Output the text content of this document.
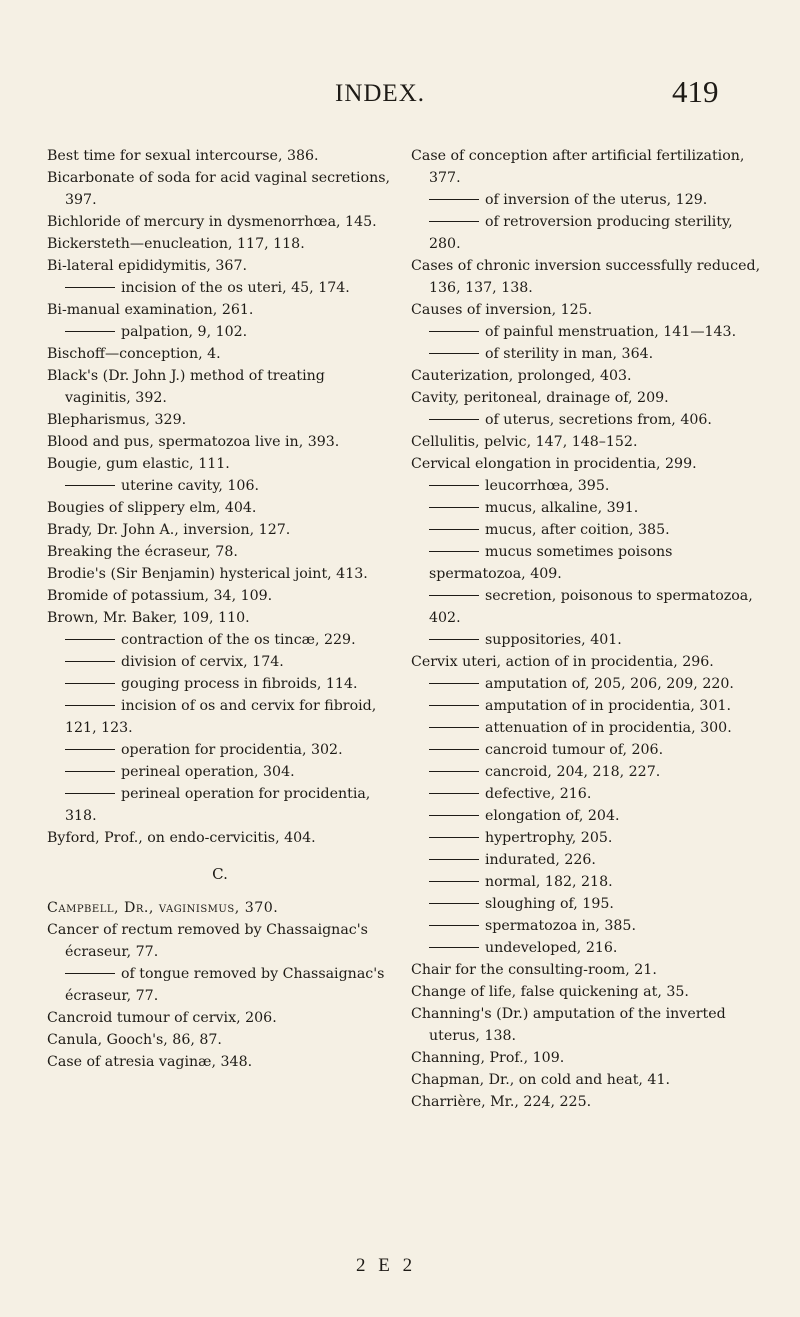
INDEX.	419

Best time for sexual intercourse, 386.

Bicarbonate of soda for acid vaginal secretions, 397.

Bichloride of mercury in dysmenorrhœa, 145.

Bickersteth—enucleation, 117, 118.

Bi-lateral epididymitis, 367.

incision of the os uteri, 45, 174.

Bi-manual examination, 261.

palpation, 9, 102.

Bischoff—conception, 4.

Black's (Dr. John J.) method of treating vaginitis, 392.

Blepharismus, 329.

Blood and pus, spermatozoa live in, 393.

Bougie, gum elastic, 111.

uterine cavity, 106.

Bougies of slippery elm, 404.

Brady, Dr. John A., inversion, 127.

Breaking the écraseur, 78.

Brodie's (Sir Benjamin) hysterical joint, 413.

Bromide of potassium, 34, 109.

Brown, Mr. Baker, 109, 110.

contraction of the os tincæ, 229.

division of cervix, 174.

gouging process in fibroids, 114.

incision of os and cervix for fibroid, 121, 123.

operation for procidentia, 302.

perineal operation, 304.

perineal operation for procidentia, 318.

Byford, Prof., on endo-cervicitis, 404.

C.

Campbell, Dr., vaginismus, 370.

Cancer of rectum removed by Chassaignac's écraseur, 77.

of tongue removed by Chassaignac's écraseur, 77.

Cancroid tumour of cervix, 206.

Canula, Gooch's, 86, 87.

Case of atresia vaginæ, 348.

Case of conception after artificial fertilization, 377.

of inversion of the uterus, 129.

of retroversion producing sterility, 280.

Cases of chronic inversion successfully reduced, 136, 137, 138.

Causes of inversion, 125.

of painful menstruation, 141—143.

of sterility in man, 364.

Cauterization, prolonged, 403.

Cavity, peritoneal, drainage of, 209.

of uterus, secretions from, 406.

Cellulitis, pelvic, 147, 148–152.

Cervical elongation in procidentia, 299.

leucorrhœa, 395.

mucus, alkaline, 391.

mucus, after coition, 385.

mucus sometimes poisons spermatozoa, 409.

secretion, poisonous to spermatozoa, 402.

suppositories, 401.

Cervix uteri, action of in procidentia, 296.

amputation of, 205, 206, 209, 220.

amputation of in procidentia, 301.

attenuation of in procidentia, 300.

cancroid tumour of, 206.

cancroid, 204, 218, 227.

defective, 216.

elongation of, 204.

hypertrophy, 205.

indurated, 226.

normal, 182, 218.

sloughing of, 195.

spermatozoa in, 385.

undeveloped, 216.

Chair for the consulting-room, 21.

Change of life, false quickening at, 35.

Channing's (Dr.) amputation of the inverted uterus, 138.

Channing, Prof., 109.

Chapman, Dr., on cold and heat, 41.

Charrière, Mr., 224, 225.

2 E 2
